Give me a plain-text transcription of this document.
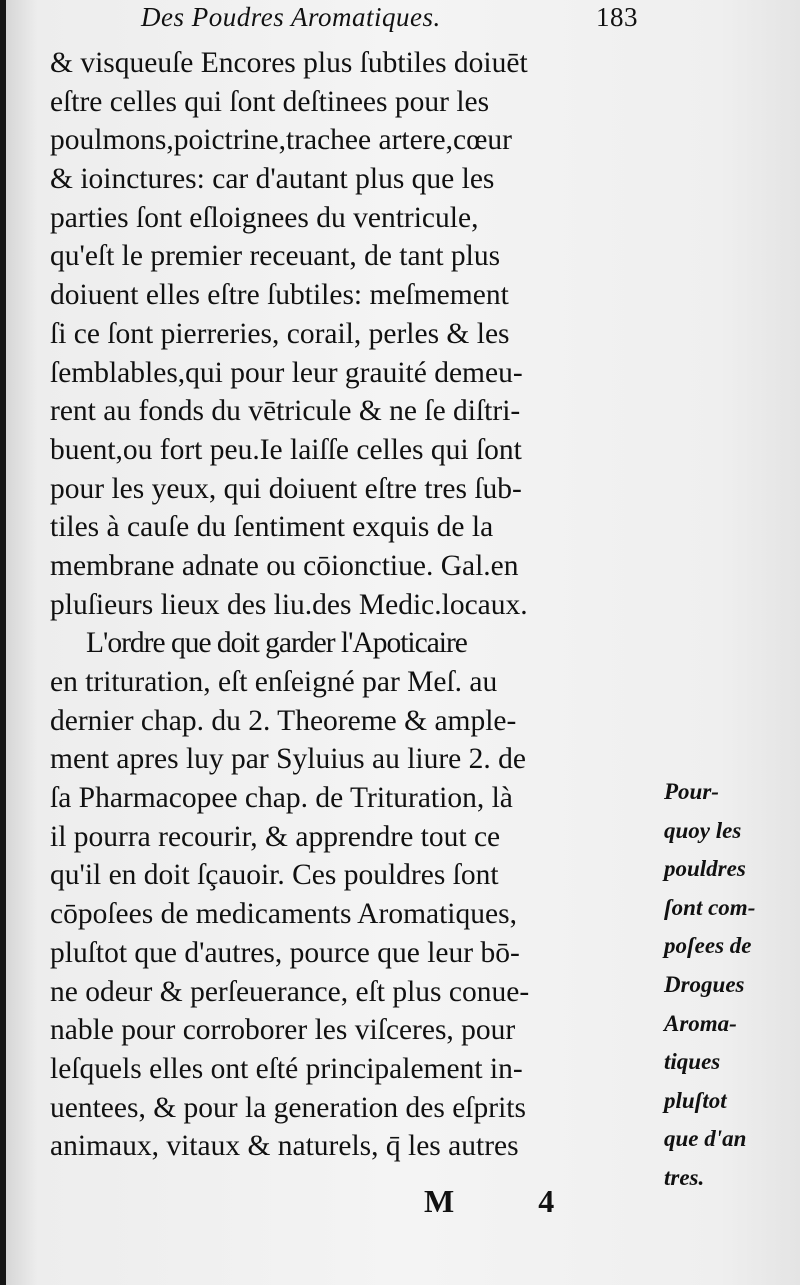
Des Poudres Aromatiques.	183
& visqueuſe Encores plus ſubtiles doiuēt
eſtre celles qui ſont deſtinees pour les
poulmons,poictrine,trachee artere,cœur
& ioinctures: car d'autant plus que les
parties ſont eſloignees du ventricule,
qu'eſt le premier receuant, de tant plus
doiuent elles eſtre ſubtiles: meſmement
ſi ce ſont pierreries, corail, perles & les
ſemblables,qui pour leur grauité demeu-
rent au fonds du vētricule & ne ſe diſtri-
buent,ou fort peu.Ie laiſſe celles qui ſont
pour les yeux, qui doiuent eſtre tres ſub-
tiles à cauſe du ſentiment exquis de la
membrane adnate ou cōionctiue. Gal.en
pluſieurs lieux des liu.des Medic.locaux.
L'ordre que doit garder l'Apoticaire
en trituration, eſt enſeigné par Meſ. au
dernier chap. du 2. Theoreme & ample-
ment apres luy par Syluius au liure 2. de
ſa Pharmacopee chap. de Trituration, là
il pourra recourir, & apprendre tout ce
qu'il en doit ſçauoir. Ces pouldres ſont
cōpoſees de medicaments Aromatiques,
pluſtot que d'autres, pource que leur bō-
ne odeur & perſeuerance, eſt plus conue-
nable pour corroborer les viſceres, pour
leſquels elles ont eſté principalement in-
uentees, & pour la generation des eſprits
animaux, vitaux & naturels, q̄ les autres
Pour-
quoy les
pouldres
ſont com-
poſees de
Drogues
Aroma-
tiques
pluſtot
que d'an
tres.
M 4
